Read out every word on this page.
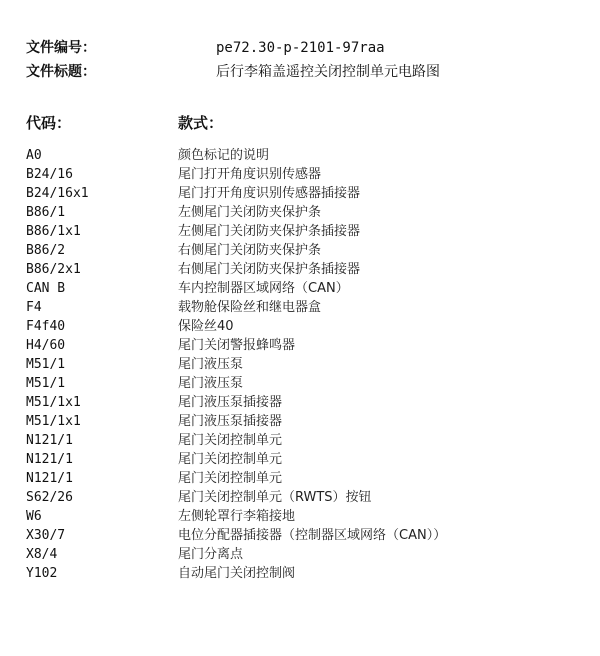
文件编号：	pe72.30-p-2101-97raa
文件标题：	后行李箱盖遥控关闭控制单元电路图
代码：	款式：
A0	颜色标记的说明
B24/16	尾门打开角度识别传感器
B24/16x1	尾门打开角度识别传感器插接器
B86/1	左侧尾门关闭防夹保护条
B86/1x1	左侧尾门关闭防夹保护条插接器
B86/2	右侧尾门关闭防夹保护条
B86/2x1	右侧尾门关闭防夹保护条插接器
CAN B	车内控制器区域网络（CAN）
F4	载物舱保险丝和继电器盒
F4f40	保险丝40
H4/60	尾门关闭警报蜂鸣器
M51/1	尾门液压泵
M51/1	尾门液压泵
M51/1x1	尾门液压泵插接器
M51/1x1	尾门液压泵插接器
N121/1	尾门关闭控制单元
N121/1	尾门关闭控制单元
N121/1	尾门关闭控制单元
S62/26	尾门关闭控制单元（RWTS）按钮
W6	左侧轮罩行李箱接地
X30/7	电位分配器插接器（控制器区域网络（CAN））
X8/4	尾门分离点
Y102	自动尾门关闭控制阀
